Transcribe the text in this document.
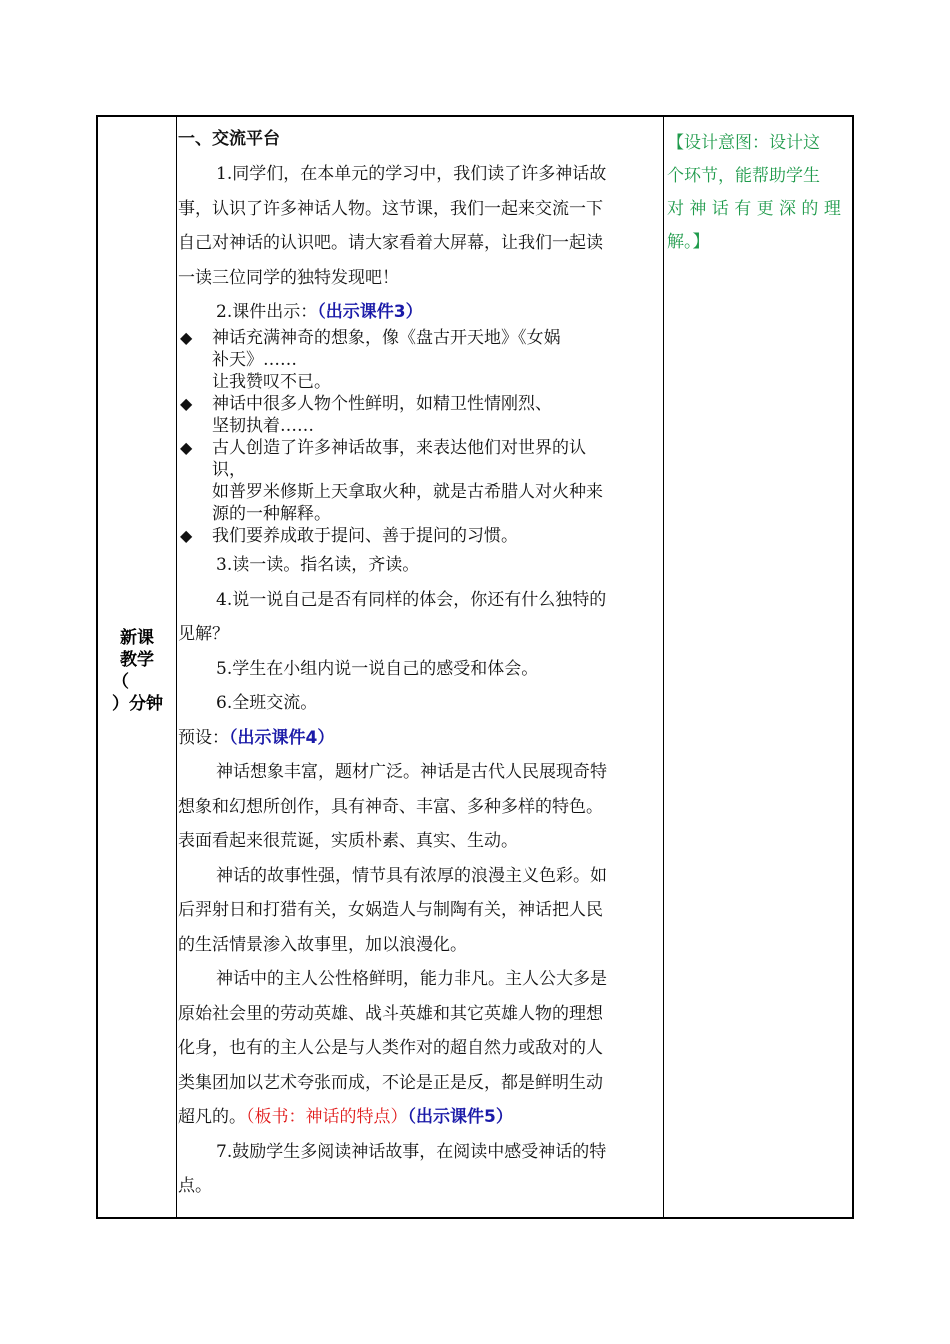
新课
教学
（
）分钟
一、交流平台

1.同学们，在本单元的学习中，我们读了许多神话故

事，认识了许多神话人物。这节课，我们一起来交流一下

自己对神话的认识吧。请大家看着大屏幕，让我们一起读

一读三位同学的独特发现吧！

2.课件出示：（出示课件3）

◆ 神话充满神奇的想象，像《盘古开天地》《女娲
补天》……
让我赞叹不已。
◆ 神话中很多人物个性鲜明，如精卫性情刚烈、
坚韧执着……
◆ 古人创造了许多神话故事，来表达他们对世界的认
识，
如普罗米修斯上天拿取火种，就是古希腊人对火种来
源的一种解释。
◆ 我们要养成敢于提问、善于提问的习惯。

3.读一读。指名读，齐读。

4.说一说自己是否有同样的体会，你还有什么独特的

见解？

5.学生在小组内说一说自己的感受和体会。

6.全班交流。

预设：（出示课件4）

神话想象丰富，题材广泛。神话是古代人民展现奇特

想象和幻想所创作，具有神奇、丰富、多种多样的特色。

表面看起来很荒诞，实质朴素、真实、生动。

神话的故事性强，情节具有浓厚的浪漫主义色彩。如

后羿射日和打猎有关，女娲造人与制陶有关，神话把人民

的生活情景渗入故事里，加以浪漫化。

神话中的主人公性格鲜明，能力非凡。主人公大多是

原始社会里的劳动英雄、战斗英雄和其它英雄人物的理想

化身，也有的主人公是与人类作对的超自然力或敌对的人

类集团加以艺术夸张而成，不论是正是反，都是鲜明生动

超凡的。（板书：神话的特点）（出示课件5）

7.鼓励学生多阅读神话故事，在阅读中感受神话的特

点。

【设计意图：设计这
个环节，能帮助学生
对 神 话 有 更 深 的 理
解。】
